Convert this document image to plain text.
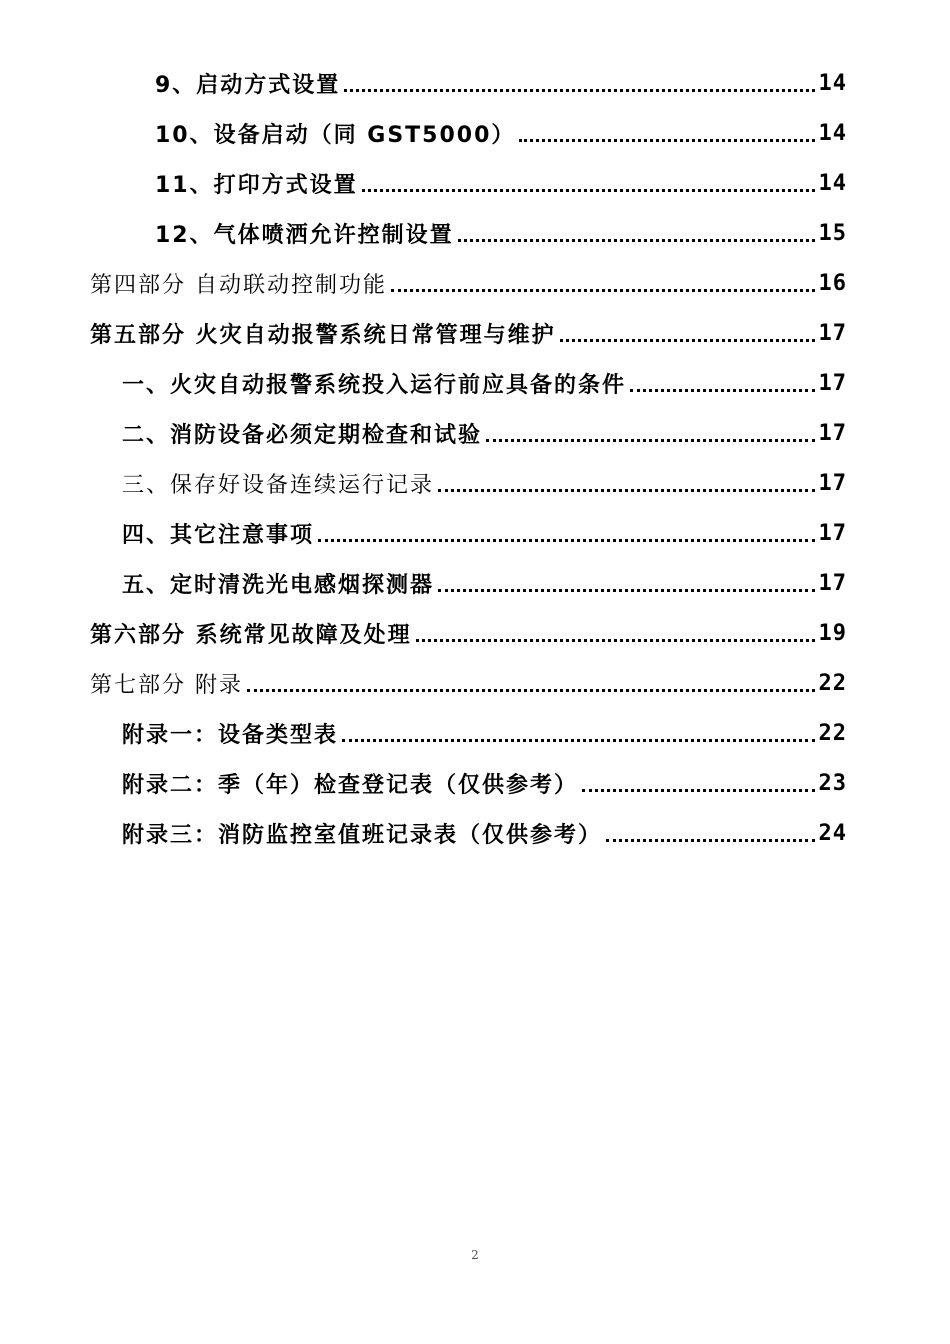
9、启动方式设置	14
10、设备启动（同 GST5000）	14
11、打印方式设置	14
12、气体喷洒允许控制设置	15
第四部分 自动联动控制功能	16
第五部分 火灾自动报警系统日常管理与维护	17
一、火灾自动报警系统投入运行前应具备的条件	17
二、消防设备必须定期检查和试验	17
三、保存好设备连续运行记录	17
四、其它注意事项	17
五、定时清洗光电感烟探测器	17
第六部分 系统常见故障及处理	19
第七部分 附录	22
附录一：设备类型表	22
附录二：季（年）检查登记表（仅供参考）	23
附录三：消防监控室值班记录表（仅供参考）	24
2
